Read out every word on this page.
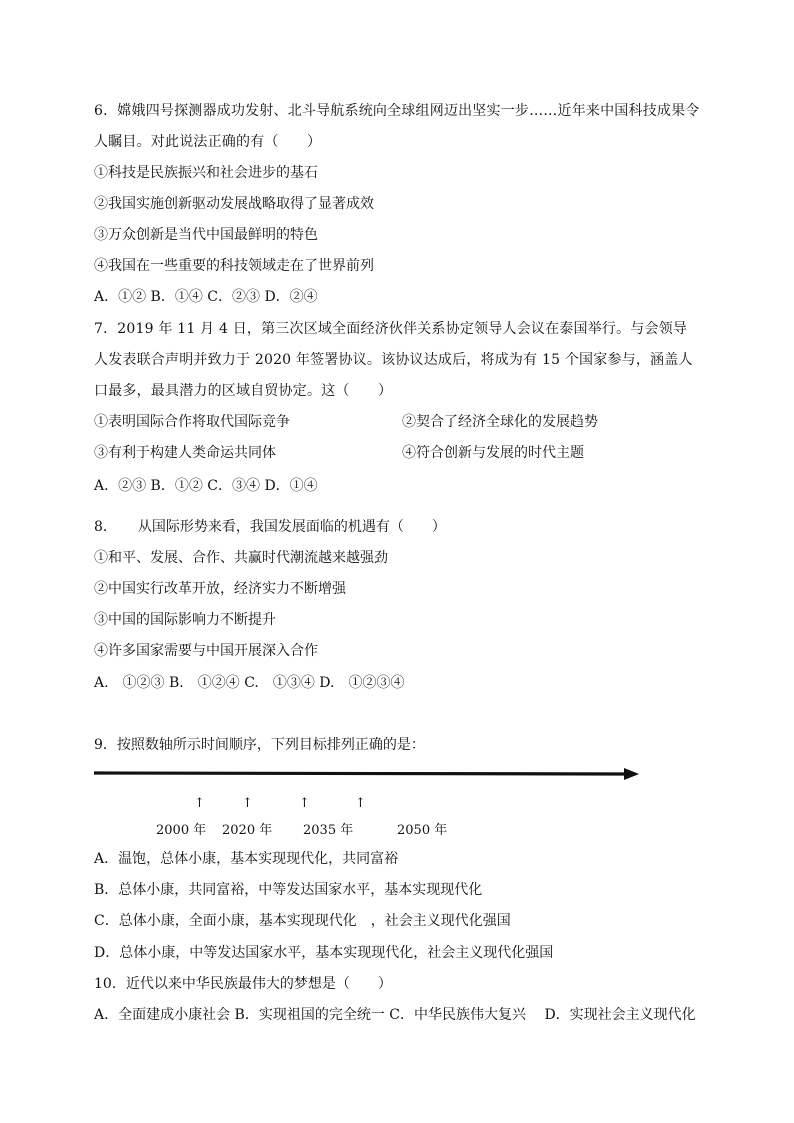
6．嫦娥四号探测器成功发射、北斗导航系统向全球组网迈出坚实一步……近年来中国科技成果令人瞩目。对此说法正确的有（　　）
①科技是民族振兴和社会进步的基石
②我国实施创新驱动发展战略取得了显著成效
③万众创新是当代中国最鲜明的特色
④我国在一些重要的科技领域走在了世界前列
A．①② B．①④ C．②③ D．②④
7．2019 年 11 月 4 日，第三次区域全面经济伙伴关系协定领导人会议在泰国举行。与会领导人发表联合声明并致力于 2020 年签署协议。该协议达成后，将成为有 15 个国家参与，涵盖人口最多，最具潜力的区域自贸协定。这（　　）
①表明国际合作将取代国际竞争	②契合了经济全球化的发展趋势
③有利于构建人类命运共同体	④符合创新与发展的时代主题
A．②③ B．①② C．③④ D．①④
8．　　从国际形势来看，我国发展面临的机遇有（　　）
①和平、发展、合作、共赢时代潮流越来越强劲
②中国实行改革开放，经济实力不断增强
③中国的国际影响力不断提升
④许多国家需要与中国开展深入合作
A.　①②③ B.　①②④ C.　①③④ D.　①②③④
9．按照数轴所示时间顺序，下列目标排列正确的是：
↑	↑	↑	↑
2000 年 2020 年 2035 年	2050 年
A．温饱，总体小康，基本实现现代化，共同富裕
B．总体小康，共同富裕，中等发达国家水平，基本实现现代化
C．总体小康，全面小康，基本实现现代化　，社会主义现代化强国
D．总体小康，中等发达国家水平，基本实现现代化，社会主义现代化强国
10．近代以来中华民族最伟大的梦想是（　　）
A．全面建成小康社会 B．实现祖国的完全统一 C．中华民族伟大复兴　 D．实现社会主义现代化
